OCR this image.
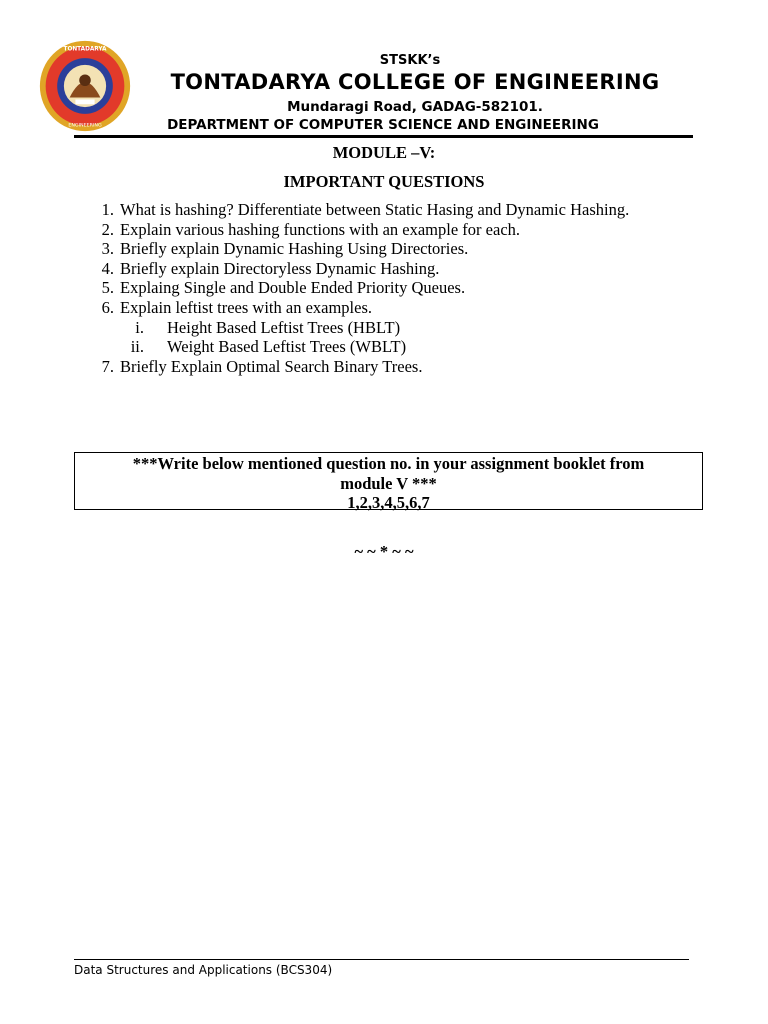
TONTADARYA
ENGINEERING
STSKK’s
TONTADARYA COLLEGE OF ENGINEERING
Mundaragi Road, GADAG-582101.
DEPARTMENT OF COMPUTER SCIENCE AND ENGINEERING
MODULE –V:
IMPORTANT QUESTIONS
1. What is hashing? Differentiate between Static Hasing and Dynamic Hashing.
2. Explain various hashing functions with an example for each.
3. Briefly explain Dynamic Hashing Using Directories.
4. Briefly explain Directoryless Dynamic Hashing.
5. Explaing Single and Double Ended Priority Queues.
6. Explain leftist trees with an examples.
i. Height Based Leftist Trees (HBLT)
ii. Weight Based Leftist Trees (WBLT)
7. Briefly Explain Optimal Search Binary Trees.
***Write below mentioned question no. in your assignment booklet from
module V ***
1,2,3,4,5,6,7
~ ~ * ~ ~
Data Structures and Applications (BCS304)
